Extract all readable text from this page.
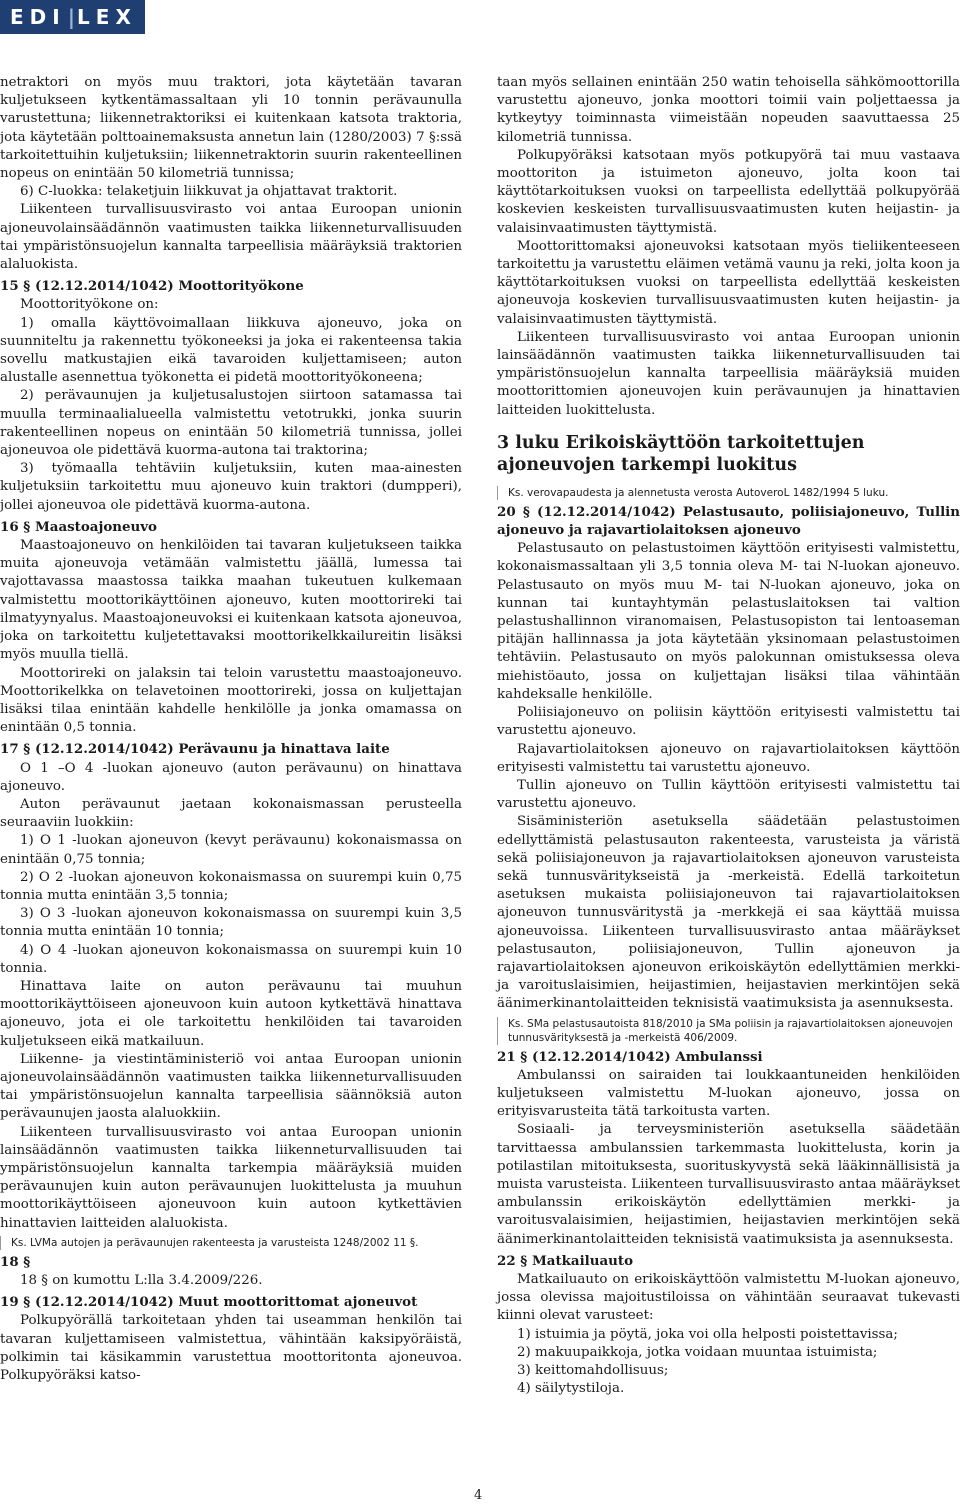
EDI | LEX

netraktori on myös muu traktori, jota käytetään tavaran kuljetukseen kytkentämassaltaan yli 10 tonnin perävaunulla varustettuna; liikennetraktoriksi ei kuitenkaan katsota traktoria, jota käytetään polttoainemaksusta annetun lain (1280/2003) 7 §:ssä tarkoitettuihin kuljetuksiin; liikennetraktorin suurin rakenteellinen nopeus on enintään 50 kilometriä tunnissa;

6) C-luokka: telaketjuin liikkuvat ja ohjattavat traktorit.

Liikenteen turvallisuusvirasto voi antaa Euroopan unionin ajoneuvolainsäädännön vaatimusten taikka liikenneturvallisuuden tai ympäristönsuojelun kannalta tarpeellisia määräyksiä traktorien alaluokista.

15 § (12.12.2014/1042) Moottorityökone

Moottorityökone on:

1) omalla käyttövoimallaan liikkuva ajoneuvo, joka on suunniteltu ja rakennettu työkoneeksi ja joka ei rakenteensa takia sovellu matkustajien eikä tavaroiden kuljettamiseen; auton alustalle asennettua työkonetta ei pidetä moottorityökoneena;

2) perävaunujen ja kuljetusalustojen siirtoon satamassa tai muulla terminaalialueella valmistettu vetotrukki, jonka suurin rakenteellinen nopeus on enintään 50 kilometriä tunnissa, jollei ajoneuvoa ole pidettävä kuorma-autona tai traktorina;

3) työmaalla tehtäviin kuljetuksiin, kuten maa-ainesten kuljetuksiin tarkoitettu muu ajoneuvo kuin traktori (dumpperi), jollei ajoneuvoa ole pidettävä kuorma-autona.

16 § Maastoajoneuvo

Maastoajoneuvo on henkilöiden tai tavaran kuljetukseen taikka muita ajoneuvoja vetämään valmistettu jäällä, lumessa tai vajottavassa maastossa taikka maahan tukeutuen kulkemaan valmistettu moottorikäyttöinen ajoneuvo, kuten moottorireki tai ilmatyynyalus. Maastoajoneuvoksi ei kuitenkaan katsota ajoneuvoa, joka on tarkoitettu kuljetettavaksi moottorikelkkailureitin lisäksi myös muulla tiellä.

Moottorireki on jalaksin tai teloin varustettu maastoajoneuvo. Moottorikelkka on telavetoinen moottorireki, jossa on kuljettajan lisäksi tilaa enintään kahdelle henkilölle ja jonka omamassa on enintään 0,5 tonnia.

17 § (12.12.2014/1042) Perävaunu ja hinattava laite

O 1 –O 4 -luokan ajoneuvo (auton perävaunu) on hinattava ajoneuvo.

Auton perävaunut jaetaan kokonaismassan perusteella seuraaviin luokkiin:

1) O 1 -luokan ajoneuvon (kevyt perävaunu) kokonaismassa on enintään 0,75 tonnia;

2) O 2 -luokan ajoneuvon kokonaismassa on suurempi kuin 0,75 tonnia mutta enintään 3,5 tonnia;

3) O 3 -luokan ajoneuvon kokonaismassa on suurempi kuin 3,5 tonnia mutta enintään 10 tonnia;

4) O 4 -luokan ajoneuvon kokonaismassa on suurempi kuin 10 tonnia.

Hinattava laite on auton perävaunu tai muuhun moottorikäyttöiseen ajoneuvoon kuin autoon kytkettävä hinattava ajoneuvo, jota ei ole tarkoitettu henkilöiden tai tavaroiden kuljetukseen eikä matkailuun.

Liikenne- ja viestintäministeriö voi antaa Euroopan unionin ajoneuvolainsäädännön vaatimusten taikka liikenneturvallisuuden tai ympäristönsuojelun kannalta tarpeellisia säännöksiä auton perävaunujen jaosta alaluokkiin.

Liikenteen turvallisuusvirasto voi antaa Euroopan unionin lainsäädännön vaatimusten taikka liikenneturvallisuuden tai ympäristönsuojelun kannalta tarkempia määräyksiä muiden perävaunujen kuin auton perävaunujen luokittelusta ja muuhun moottorikäyttöiseen ajoneuvoon kuin autoon kytkettävien hinattavien laitteiden alaluokista.

Ks. LVMa autojen ja perävaunujen rakenteesta ja varusteista 1248/2002 11 §.

18 §

18 § on kumottu L:lla 3.4.2009/226.

19 § (12.12.2014/1042) Muut moottorittomat ajoneuvot

Polkupyörällä tarkoitetaan yhden tai useamman henkilön tai tavaran kuljettamiseen valmistettua, vähintään kaksipyöräistä, polkimin tai käsikammin varustettua moottoritonta ajoneuvoa. Polkupyöräksi katso-

taan myös sellainen enintään 250 watin tehoisella sähkömoottorilla varustettu ajoneuvo, jonka moottori toimii vain poljettaessa ja kytkeytyy toiminnasta viimeistään nopeuden saavuttaessa 25 kilometriä tunnissa.

Polkupyöräksi katsotaan myös potkupyörä tai muu vastaava moottoriton ja istuimeton ajoneuvo, jolta koon tai käyttötarkoituksen vuoksi on tarpeellista edellyttää polkupyörää koskevien keskeisten turvallisuusvaatimusten kuten heijastin- ja valaisinvaatimusten täyttymistä.

Moottorittomaksi ajoneuvoksi katsotaan myös tieliikenteeseen tarkoitettu ja varustettu eläimen vetämä vaunu ja reki, jolta koon ja käyttötarkoituksen vuoksi on tarpeellista edellyttää keskeisten ajoneuvoja koskevien turvallisuusvaatimusten kuten heijastin- ja valaisinvaatimusten täyttymistä.

Liikenteen turvallisuusvirasto voi antaa Euroopan unionin lainsäädännön vaatimusten taikka liikenneturvallisuuden tai ympäristönsuojelun kannalta tarpeellisia määräyksiä muiden moottorittomien ajoneuvojen kuin perävaunujen ja hinattavien laitteiden luokittelusta.

3 luku Erikoiskäyttöön tarkoitettujen ajoneuvojen tarkempi luokitus

Ks. verovapaudesta ja alennetusta verosta AutoveroL 1482/1994 5 luku.

20 § (12.12.2014/1042) Pelastusauto, poliisiajoneuvo, Tullin ajoneuvo ja rajavartiolaitoksen ajoneuvo

Pelastusauto on pelastustoimen käyttöön erityisesti valmistettu, kokonaismassaltaan yli 3,5 tonnia oleva M- tai N-luokan ajoneuvo. Pelastusauto on myös muu M- tai N-luokan ajoneuvo, joka on kunnan tai kuntayhtymän pelastuslaitoksen tai valtion pelastushallinnon viranomaisen, Pelastusopiston tai lentoaseman pitäjän hallinnassa ja jota käytetään yksinomaan pelastustoimen tehtäviin. Pelastusauto on myös palokunnan omistuksessa oleva miehistöauto, jossa on kuljettajan lisäksi tilaa vähintään kahdeksalle henkilölle.

Poliisiajoneuvo on poliisin käyttöön erityisesti valmistettu tai varustettu ajoneuvo.

Rajavartiolaitoksen ajoneuvo on rajavartiolaitoksen käyttöön erityisesti valmistettu tai varustettu ajoneuvo.

Tullin ajoneuvo on Tullin käyttöön erityisesti valmistettu tai varustettu ajoneuvo.

Sisäministeriön asetuksella säädetään pelastustoimen edellyttämistä pelastusauton rakenteesta, varusteista ja väristä sekä poliisiajoneuvon ja rajavartiolaitoksen ajoneuvon varusteista sekä tunnusväritykseistä ja -merkeistä. Edellä tarkoitetun asetuksen mukaista poliisiajoneuvon tai rajavartiolaitoksen ajoneuvon tunnusväritystä ja -merkkejä ei saa käyttää muissa ajoneuvoissa. Liikenteen turvallisuusvirasto antaa määräykset pelastusauton, poliisiajoneuvon, Tullin ajoneuvon ja rajavartiolaitoksen ajoneuvon erikoiskäytön edellyttämien merkki- ja varoituslaisimien, heijastimien, heijastavien merkintöjen sekä äänimerkinantolaitteiden teknisistä vaatimuksista ja asennuksesta.

Ks. SMa pelastusautoista 818/2010 ja SMa poliisin ja rajavartiolaitoksen ajoneuvojen tunnusvärityksestä ja -merkeistä 406/2009.

21 § (12.12.2014/1042) Ambulanssi

Ambulanssi on sairaiden tai loukkaantuneiden henkilöiden kuljetukseen valmistettu M-luokan ajoneuvo, jossa on erityisvarusteita tätä tarkoitusta varten.

Sosiaali- ja terveysministeriön asetuksella säädetään tarvittaessa ambulanssien tarkemmasta luokittelusta, korin ja potilastilan mitoituksesta, suorituskyvystä sekä lääkinnällisistä ja muista varusteista. Liikenteen turvallisuusvirasto antaa määräykset ambulanssin erikoiskäytön edellyttämien merkki- ja varoitusvalaisimien, heijastimien, heijastavien merkintöjen sekä äänimerkinantolaitteiden teknisistä vaatimuksista ja asennuksesta.

22 § Matkailuauto

Matkailuauto on erikoiskäyttöön valmistettu M-luokan ajoneuvo, jossa olevissa majoitustiloissa on vähintään seuraavat tukevasti kiinni olevat varusteet:

1) istuimia ja pöytä, joka voi olla helposti poistettavissa;

2) makuupaikkoja, jotka voidaan muuntaa istuimista;

3) keittomahdollisuus;

4) säilytystiloja.

4
